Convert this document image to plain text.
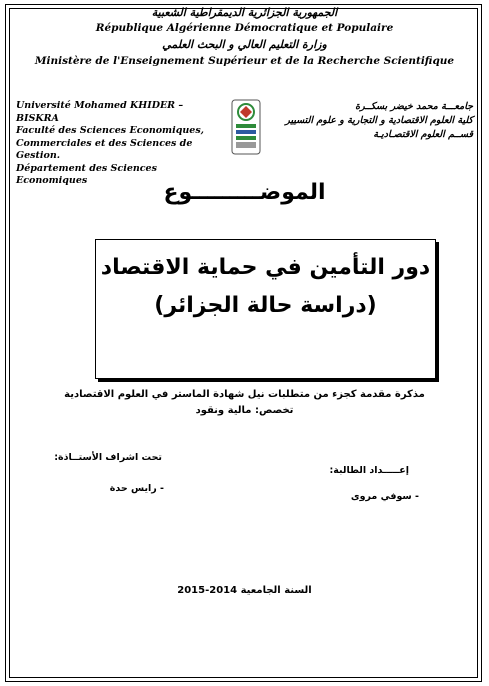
الجمهورية الجزائرية الديمقراطية الشعبية
République Algérienne Démocratique et Populaire
وزارة التعليم العالي و البحث العلمي
Ministère de l'Enseignement Supérieur et de la Recherche Scientifique
Université Mohamed KHIDER – BISKRA
Faculté des Sciences Economiques,
Commerciales et des Sciences de Gestion.
Département des Sciences Economiques
جامعـــة محمد خيضر بسكــرة
كلية العلوم الاقتصادية و التجارية و علوم التسيير
قســم العلوم الاقتصـاديـة
الموضـــــــــوع
دور التأمين في حماية الاقتصاد
(دراسة حالة الجزائر)
مذكرة مقدمة كجزء من متطلبات نيل شهادة الماستر في العلوم الاقتصادية
تخصص: مالية ونقود
تحت اشراف الأستــاذة:
- رايس حدة
إعـــــداد الطالبة:
- سوفي مروى
السنة الجامعية 2014-2015
